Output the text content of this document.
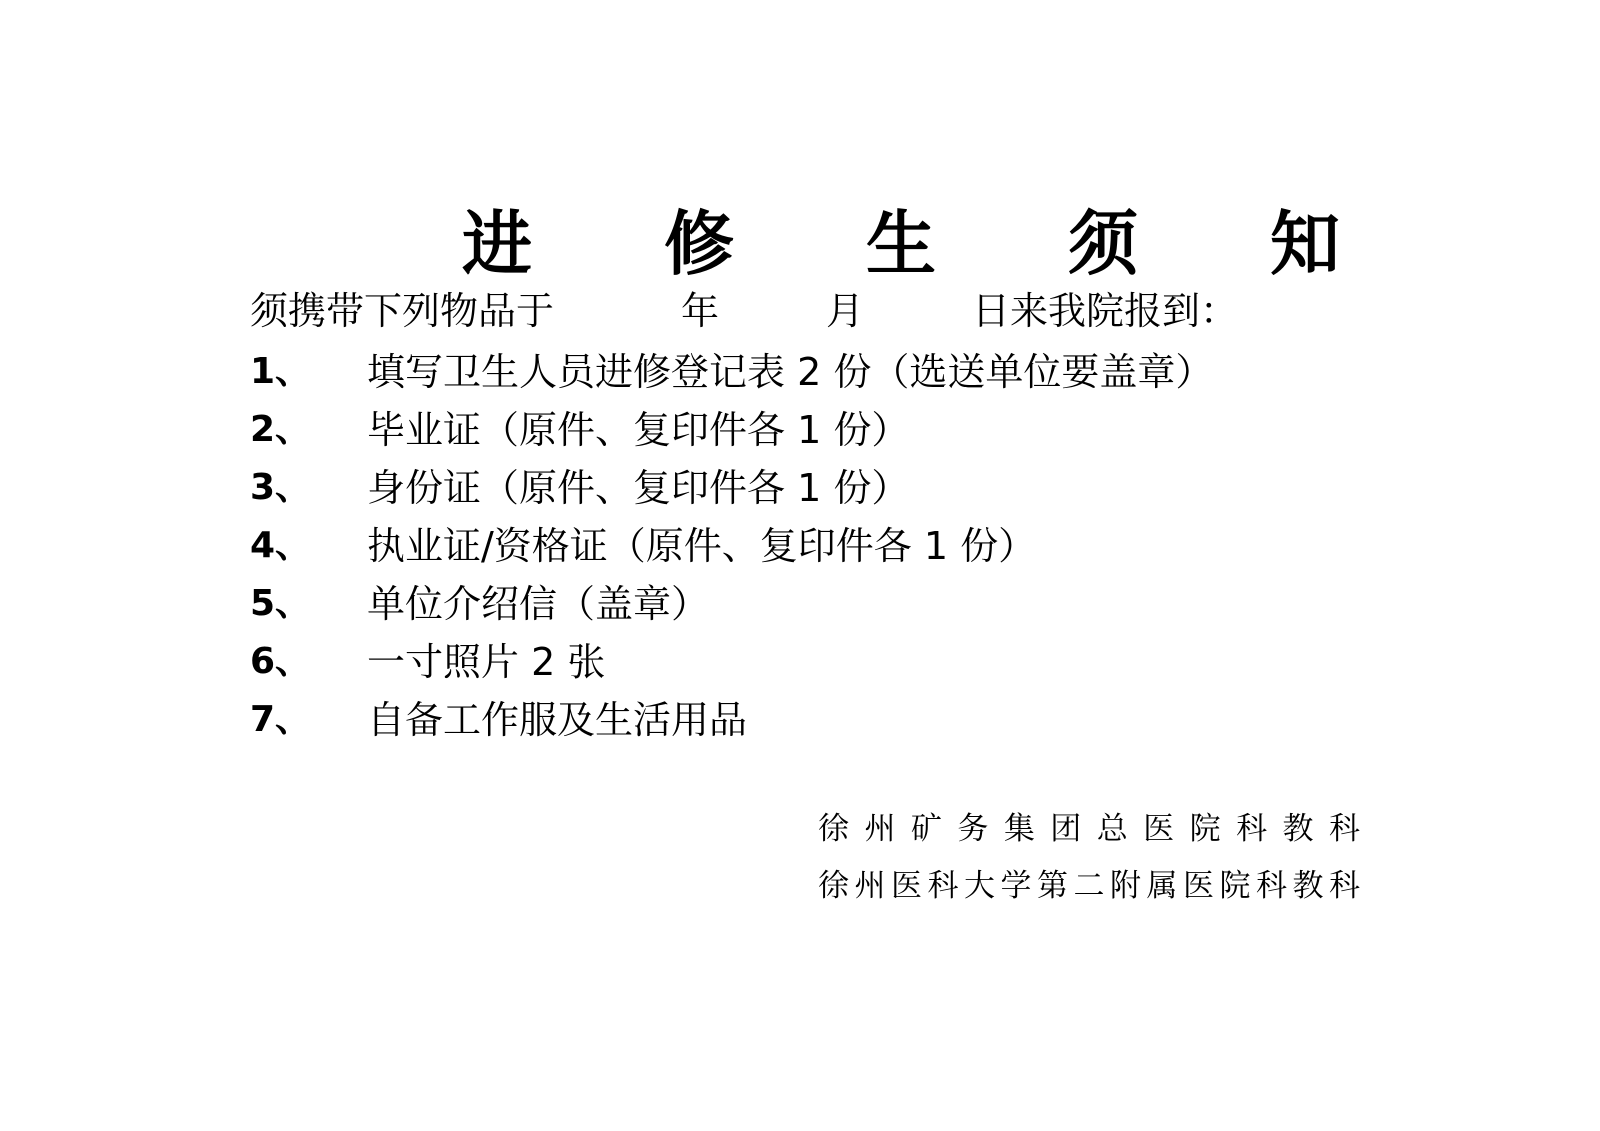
进 修 生 须 知
须携带下列物品于	年	月	日来我院报到：
1、 填写卫生人员进修登记表 2 份（选送单位要盖章）
2、 毕业证（原件、复印件各 1 份）
3、 身份证（原件、复印件各 1 份）
4、 执业证/资格证（原件、复印件各 1 份）
5、 单位介绍信（盖章）
6、 一寸照片 2 张
7、 自备工作服及生活用品
徐州矿务集团总医院科教科
徐州医科大学第二附属医院科教科
